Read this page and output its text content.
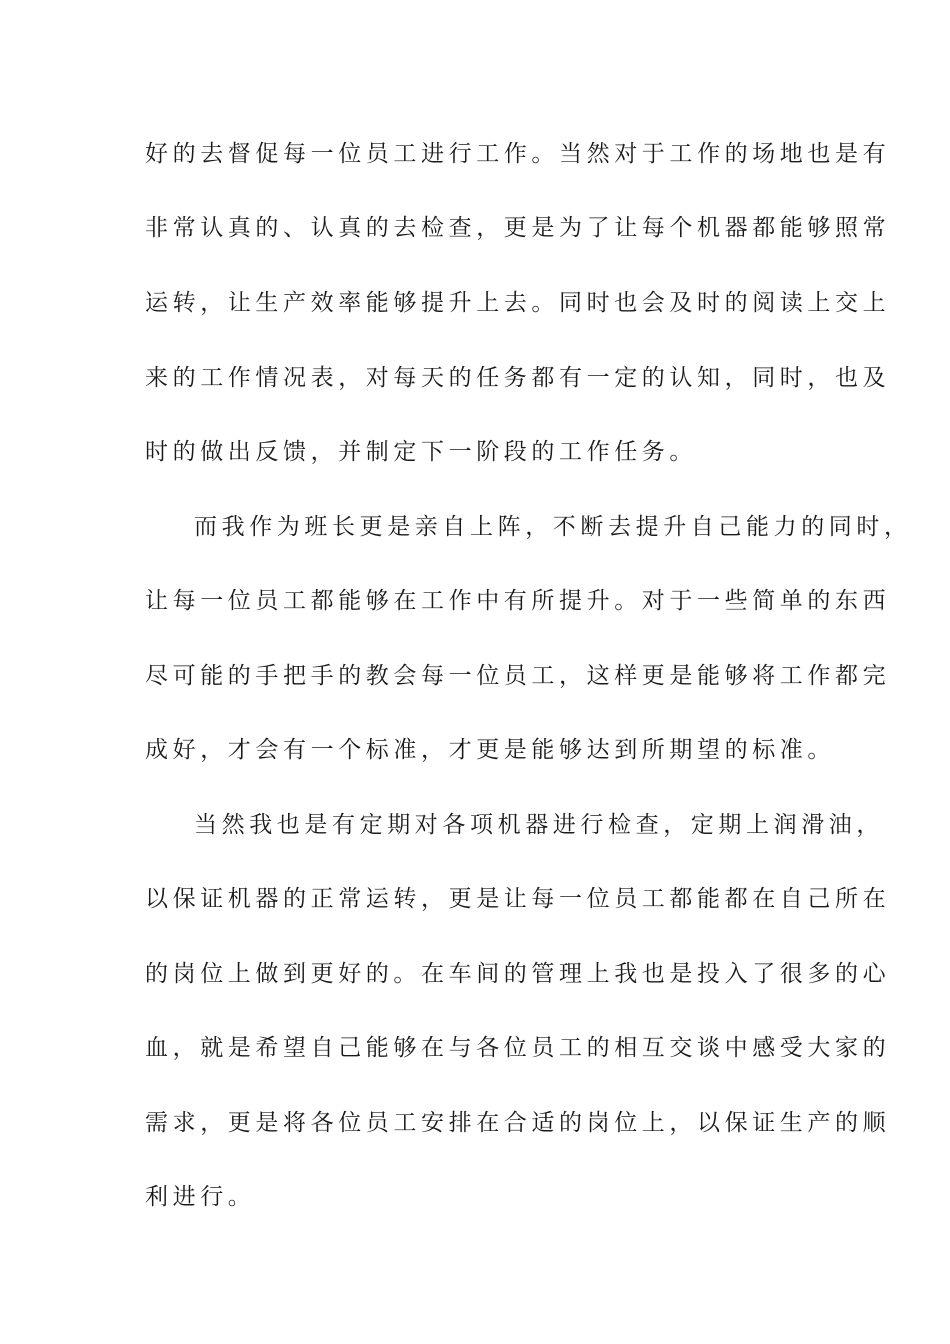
好的去督促每一位员工进行工作。当然对于工作的场地也是有
非常认真的、认真的去检查，更是为了让每个机器都能够照常
运转，让生产效率能够提升上去。同时也会及时的阅读上交上
来的工作情况表，对每天的任务都有一定的认知，同时，也及
时的做出反馈，并制定下一阶段的工作任务。
而我作为班长更是亲自上阵，不断去提升自己能力的同时，
让每一位员工都能够在工作中有所提升。对于一些简单的东西
尽可能的手把手的教会每一位员工，这样更是能够将工作都完
成好，才会有一个标准，才更是能够达到所期望的标准。
当然我也是有定期对各项机器进行检查，定期上润滑油，
以保证机器的正常运转，更是让每一位员工都能都在自己所在
的岗位上做到更好的。在车间的管理上我也是投入了很多的心
血，就是希望自己能够在与各位员工的相互交谈中感受大家的
需求，更是将各位员工安排在合适的岗位上，以保证生产的顺
利进行。
